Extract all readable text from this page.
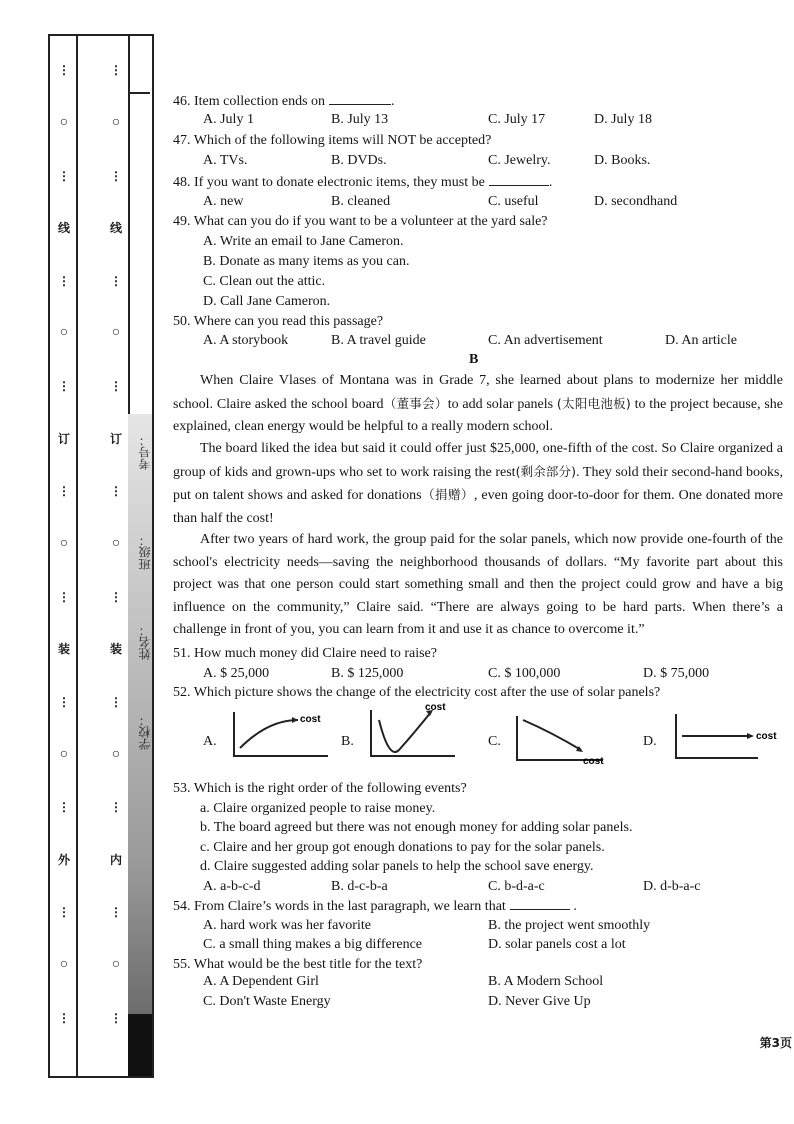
⋮
○
⋮
线
⋮
○
⋮
订
⋮
○
⋮
装
⋮
○
⋮
外
⋮
○
⋮
⋮
○
⋮
线
⋮
○
⋮
订
⋮
○
⋮
装
⋮
○
⋮
内
⋮
○
⋮
学校：
姓名：
班级：
考号：
46. Item collection ends on	.
A. July 1	B. July 13	C. July 17	D. July 18
47. Which of the following items will NOT be accepted?
A. TVs.	B. DVDs.	C. Jewelry.	D. Books.
48. If you want to donate electronic items, they must be	.
A. new	B. cleaned	C. useful	D. secondhand
49. What can you do if you want to be a volunteer at the yard sale?
A. Write an email to Jane Cameron.
B. Donate as many items as you can.
C. Clean out the attic.
D. Call Jane Cameron.
50. Where can you read this passage?
A. A storybook	B. A travel guide	C. An advertisement	D. An article
B
When Claire Vlases of Montana was in Grade 7, she learned about plans to modernize her middle school. Claire asked the school board（董事会）to add solar panels (太阳电池板) to the project because, she explained, clean energy would be helpful to a really modern school.
The board liked the idea but said it could offer just $25,000, one-fifth of the cost. So Claire organized a group of kids and grown-ups who set to work raising the rest(剩余部分). They sold their second-hand books, put on talent shows and asked for donations（捐赠）, even going door-to-door for them. One donated more than half the cost!
After two years of hard work, the group paid for the solar panels, which now provide one-fourth of the school's electricity needs—saving the neighborhood thousands of dollars. “My favorite part about this project was that one person could start something small and then the project could grow and have a big influence on the community,” Claire said. “There are always going to be hard parts. When there’s a challenge in front of you, you can learn from it and use it as chance to overcome it.”
51. How much money did Claire need to raise?
A. $ 25,000	B. $ 125,000	C. $ 100,000	D. $ 75,000
52. Which picture shows the change of the electricity cost after the use of solar panels?
A.
cost
B.
cost
C.
cost
D.	cost
53. Which is the right order of the following events?
a. Claire organized people to raise money.
b. The board agreed but there was not enough money for adding solar panels.
c. Claire and her group got enough donations to pay for the solar panels.
d. Claire suggested adding solar panels to help the school save energy.
A. a-b-c-d	B. d-c-b-a	C. b-d-a-c	D. d-b-a-c
54. From Claire’s words in the last paragraph, we learn that	.
A. hard work was her favorite	B. the project went smoothly
C. a small thing makes a big difference	D. solar panels cost a lot
55. What would be the best title for the text?
A. A Dependent Girl	B. A Modern School
C. Don't Waste Energy	D. Never Give Up
第3页
